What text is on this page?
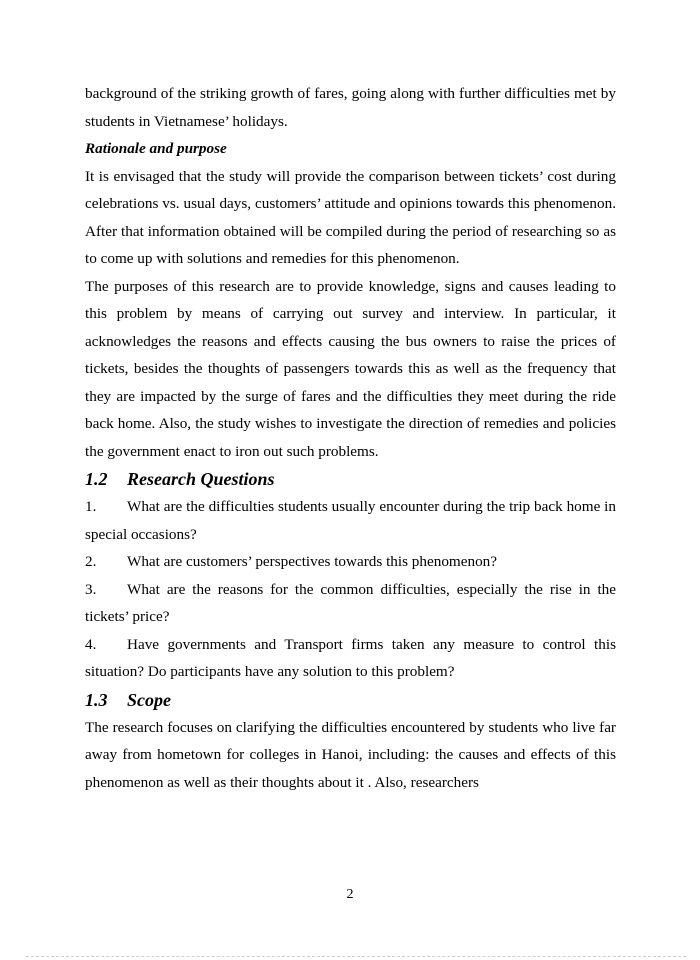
background of the striking growth of fares, going along with further difficulties met by students in Vietnamese’ holidays.

Rationale and purpose

It is envisaged that the study will provide the comparison between tickets’ cost during celebrations vs. usual days, customers’ attitude and opinions towards this phenomenon. After that information obtained will be compiled during the period of researching so as to come up with solutions and remedies for this phenomenon.

The purposes of this research are to provide knowledge, signs and causes leading to this problem by means of carrying out survey and interview. In particular, it acknowledges the reasons and effects causing the bus owners to raise the prices of tickets, besides the thoughts of passengers towards this as well as the frequency that they are impacted by the surge of fares and the difficulties they meet during the ride back home. Also, the study wishes to investigate the direction of remedies and policies the government enact to iron out such problems.

1.2 Research Questions

1. What are the difficulties students usually encounter during the trip back home in special occasions?

2. What are customers’ perspectives towards this phenomenon?

3. What are the reasons for the common difficulties, especially the rise in the tickets’ price?

4. Have governments and Transport firms taken any measure to control this situation? Do participants have any solution to this problem?

1.3 Scope

The research focuses on clarifying the difficulties encountered by students who live far away from hometown for colleges in Hanoi, including: the causes and effects of this phenomenon as well as their thoughts about it . Also, researchers

2
